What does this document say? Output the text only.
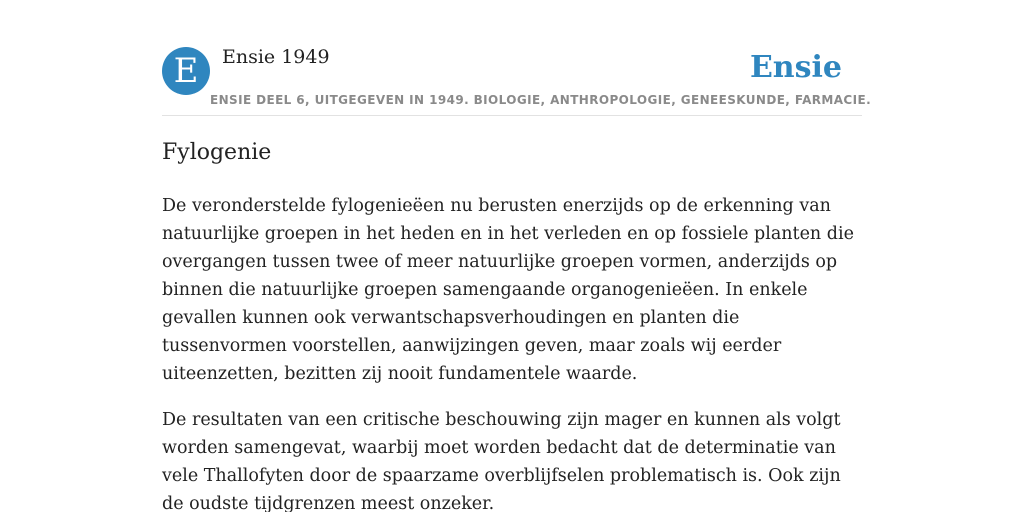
E	Ensie 1949	Ensie
ENSIE DEEL 6, UITGEGEVEN IN 1949. BIOLOGIE, ANTHROPOLOGIE, GENEESKUNDE, FARMACIE.
Fylogenie

De veronderstelde fylogenieëen nu berusten enerzijds op de erkenning van natuurlijke groepen in het heden en in het verleden en op fossiele planten die overgangen tussen twee of meer natuurlijke groepen vormen, anderzijds op binnen die natuurlijke groepen samengaande organogenieëen. In enkele gevallen kunnen ook verwantschapsverhoudingen en planten die tussenvormen voorstellen, aanwijzingen geven, maar zoals wij eerder uiteenzetten, bezitten zij nooit fundamentele waarde.

De resultaten van een critische beschouwing zijn mager en kunnen als volgt worden samengevat, waarbij moet worden bedacht dat de determinatie van vele Thallofyten door de spaarzame overblijfselen problematisch is. Ook zijn de oudste tijdgrenzen meest onzeker.
